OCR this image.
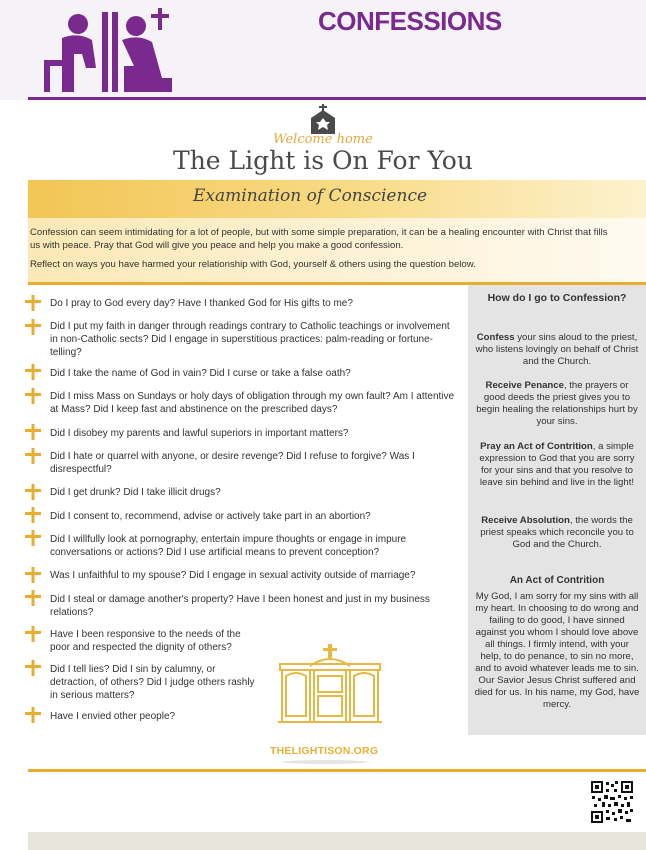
CONFESSIONS
Welcome home
The Light is On For You
Examination of Conscience
Confession can seem intimidating for a lot of people, but with some simple preparation, it can be a healing encounter with Christ that fills us with peace. Pray that God will give you peace and help you make a good confession.
Reflect on ways you have harmed your relationship with God, yourself & others using the question below.
Do I pray to God every day? Have I thanked God for His gifts to me?
Did I put my faith in danger through readings contrary to Catholic teachings or involvement in non-Catholic sects? Did I engage in superstitious practices: palm-reading or fortune-telling?
Did I take the name of God in vain? Did I curse or take a false oath?
Did I miss Mass on Sundays or holy days of obligation through my own fault? Am I attentive at Mass? Did I keep fast and abstinence on the prescribed days?
Did I disobey my parents and lawful superiors in important matters?
Did I hate or quarrel with anyone, or desire revenge? Did I refuse to forgive? Was I disrespectful?
Did I get drunk? Did I take illicit drugs?
Did I consent to, recommend, advise or actively take part in an abortion?
Did I willfully look at pornography, entertain impure thoughts or engage in impure conversations or actions? Did I use artificial means to prevent conception?
Was I unfaithful to my spouse? Did I engage in sexual activity outside of marriage?
Did I steal or damage another's property? Have I been honest and just in my business relations?
Have I been responsive to the needs of the poor and respected the dignity of others?
Did I tell lies? Did I sin by calumny, or detraction, of others? Did I judge others rashly in serious matters?
Have I envied other people?
How do I go to Confession?
Confess your sins aloud to the priest, who listens lovingly on behalf of Christ and the Church.
Receive Penance, the prayers or good deeds the priest gives you to begin healing the relationships hurt by your sins.
Pray an Act of Contrition, a simple expression to God that you are sorry for your sins and that you resolve to leave sin behind and live in the light!
Receive Absolution, the words the priest speaks which reconcile you to God and the Church.
An Act of Contrition
My God, I am sorry for my sins with all my heart. In choosing to do wrong and failing to do good, I have sinned against you whom I should love above all things. I firmly intend, with your help, to do penance, to sin no more, and to avoid whatever leads me to sin. Our Savior Jesus Christ suffered and died for us. In his name, my God, have mercy.
THELIGHTISON.ORG
